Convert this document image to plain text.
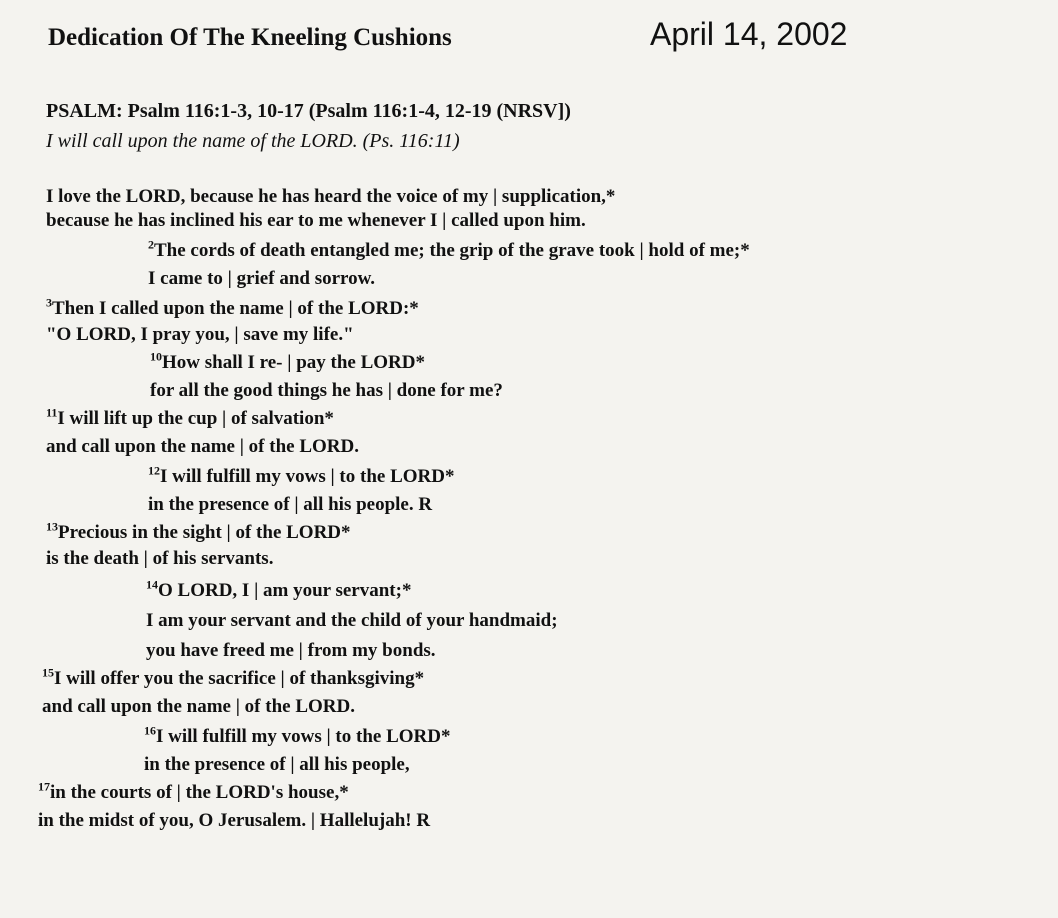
Dedication Of The Kneeling Cushions	April 14, 2002
PSALM: Psalm 116:1-3, 10-17 (Psalm 116:1-4, 12-19 (NRSV])
I will call upon the name of the LORD. (Ps. 116:11)
I love the LORD, because he has heard the voice of my | supplication,*
because he has inclined his ear to me whenever I | called upon him.
$^2$The cords of death entangled me; the grip of the grave took | hold of me;*
I came to | grief and sorrow.
$^3$Then I called upon the name | of the LORD:*
"O LORD, I pray you, | save my life."
$^{10}$How shall I re- | pay the LORD*
for all the good things he has | done for me?
$^{11}$I will lift up the cup | of salvation*
and call upon the name | of the LORD.
$^{12}$I will fulfill my vows | to the LORD*
in the presence of | all his people. R
$^{13}$Precious in the sight | of the LORD*
is the death | of his servants.
$^{14}$O LORD, I | am your servant;*
I am your servant and the child of your handmaid;
you have freed me | from my bonds.
$^{15}$I will offer you the sacrifice | of thanksgiving*
and call upon the name | of the LORD.
$^{16}$I will fulfill my vows | to the LORD*
in the presence of | all his people,
$^{17}$in the courts of | the LORD's house,*
in the midst of you, O Jerusalem. | Hallelujah! R
